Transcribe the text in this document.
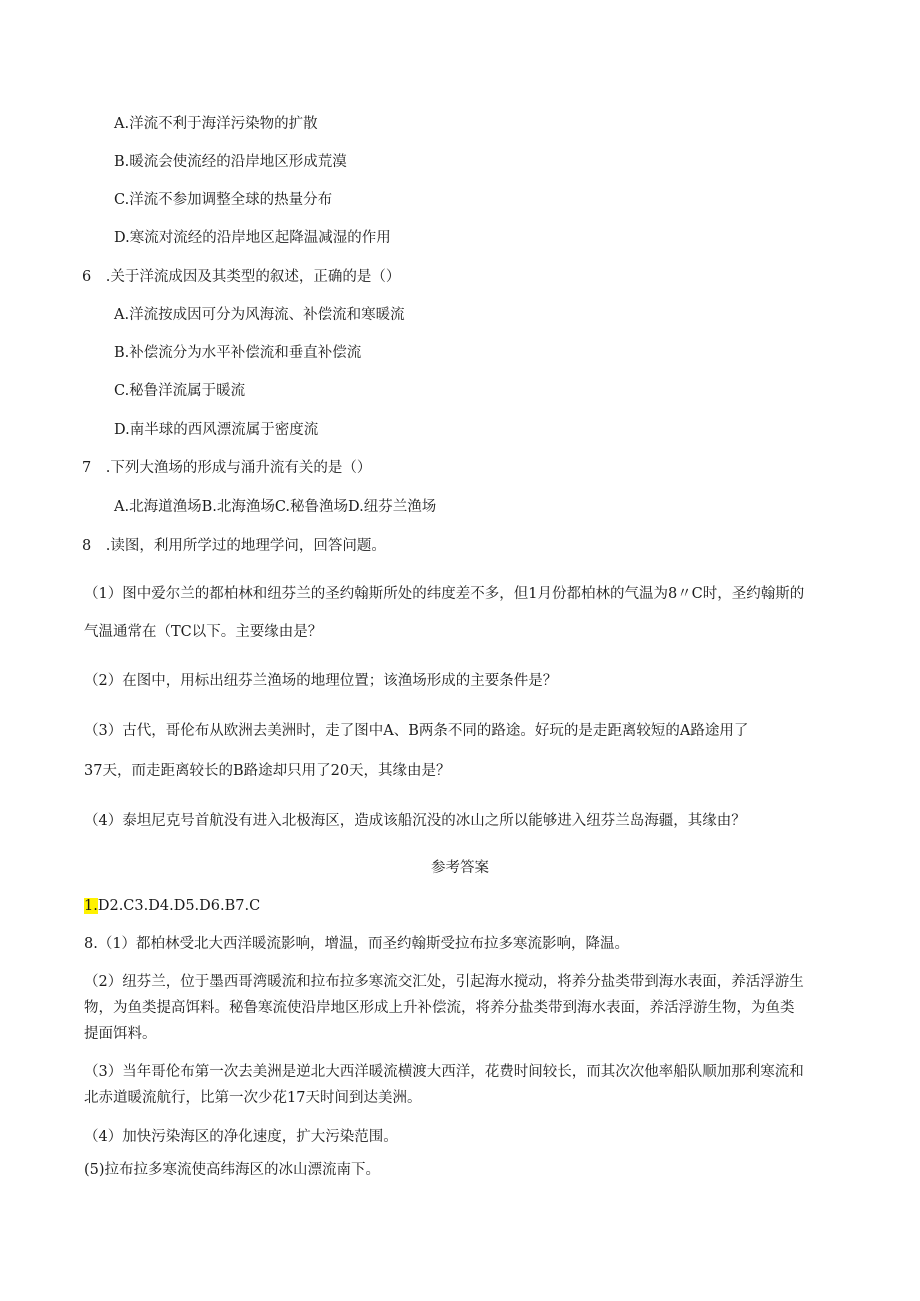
A.洋流不利于海洋污染物的扩散
B.暖流会使流经的沿岸地区形成荒漠
C.洋流不参加调整全球的热量分布
D.寒流对流经的沿岸地区起降温减湿的作用
6　.关于洋流成因及其类型的叙述，正确的是（）
A.洋流按成因可分为风海流、补偿流和寒暖流
B.补偿流分为水平补偿流和垂直补偿流
C.秘鲁洋流属于暖流
D.南半球的西风漂流属于密度流
7　.下列大渔场的形成与涌升流有关的是（）
A.北海道渔场B.北海渔场C.秘鲁渔场D.纽芬兰渔场
8　.读图，利用所学过的地理学问，回答问题。
（1）图中爱尔兰的都柏林和纽芬兰的圣约翰斯所处的纬度差不多，但1月份都柏林的气温为8〃C时，圣约翰斯的
气温通常在（TC以下。主要缘由是？
（2）在图中，用标出纽芬兰渔场的地理位置；该渔场形成的主要条件是？
（3）古代，哥伦布从欧洲去美洲时，走了图中A、B两条不同的路途。好玩的是走距离较短的A路途用了
37天，而走距离较长的B路途却只用了20天，其缘由是？
（4）泰坦尼克号首航没有进入北极海区，造成该船沉没的冰山之所以能够进入纽芬兰岛海疆，其缘由？
参考答案
1.D2.C3.D4.D5.D6.B7.C
8.（1）都柏林受北大西洋暖流影响，增温，而圣约翰斯受拉布拉多寒流影响，降温。
（2）纽芬兰，位于墨西哥湾暖流和拉布拉多寒流交汇处，引起海水搅动，将养分盐类带到海水表面，养活浮游生
物，为鱼类提高饵料。秘鲁寒流使沿岸地区形成上升补偿流，将养分盐类带到海水表面，养活浮游生物，为鱼类
提面饵料。
（3）当年哥伦布第一次去美洲是逆北大西洋暖流横渡大西洋，花费时间较长，而其次次他率船队顺加那利寒流和
北赤道暖流航行，比第一次少花17天时间到达美洲。
（4）加快污染海区的净化速度，扩大污染范围。
(5)拉布拉多寒流使高纬海区的冰山漂流南下。
